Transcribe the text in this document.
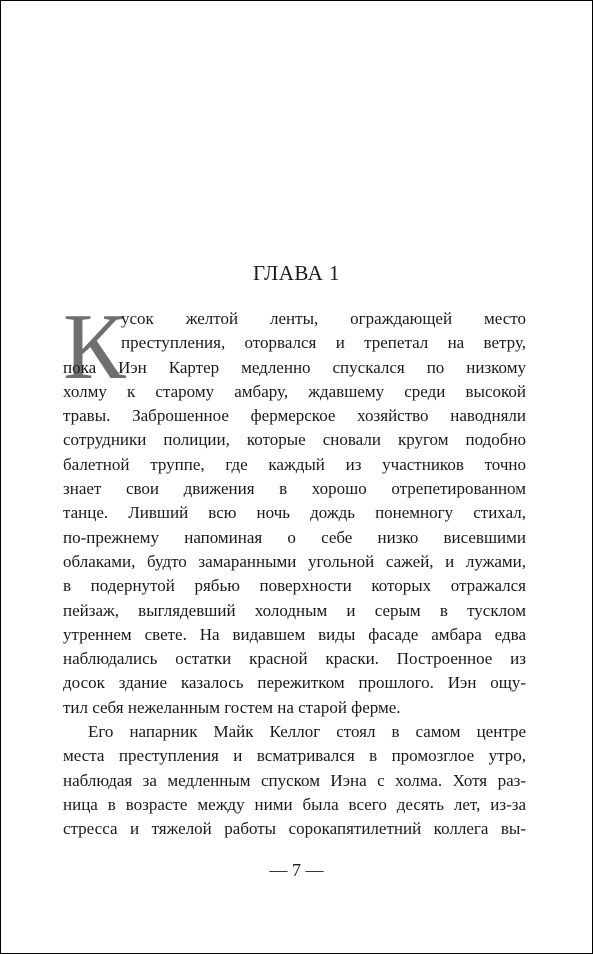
ГЛАВА 1
К
усок желтой ленты, ограждающей место
преступления, оторвался и трепетал на ветру,
пока Иэн Картер медленно спускался по низкому
холму к старому амбару, ждавшему среди высокой
травы. Заброшенное фермерское хозяйство наводняли
сотрудники полиции, которые сновали кругом подобно
балетной труппе, где каждый из участников точно
знает свои движения в хорошо отрепетированном
танце. Ливший всю ночь дождь понемногу стихал,
по-прежнему напоминая о себе низко висевшими
облаками, будто замаранными угольной сажей, и лужами,
в подернутой рябью поверхности которых отражался
пейзаж, выглядевший холодным и серым в тусклом
утреннем свете. На видавшем виды фасаде амбара едва
наблюдались остатки красной краски. Построенное из
досок здание казалось пережитком прошлого. Иэн ощу-
тил себя нежеланным гостем на старой ферме.
Его напарник Майк Келлог стоял в самом центре
места преступления и всматривался в промозглое утро,
наблюдая за медленным спуском Иэна с холма. Хотя раз-
ница в возрасте между ними была всего десять лет, из-за
стресса и тяжелой работы сорокапятилетний коллега вы-
— 7 —
